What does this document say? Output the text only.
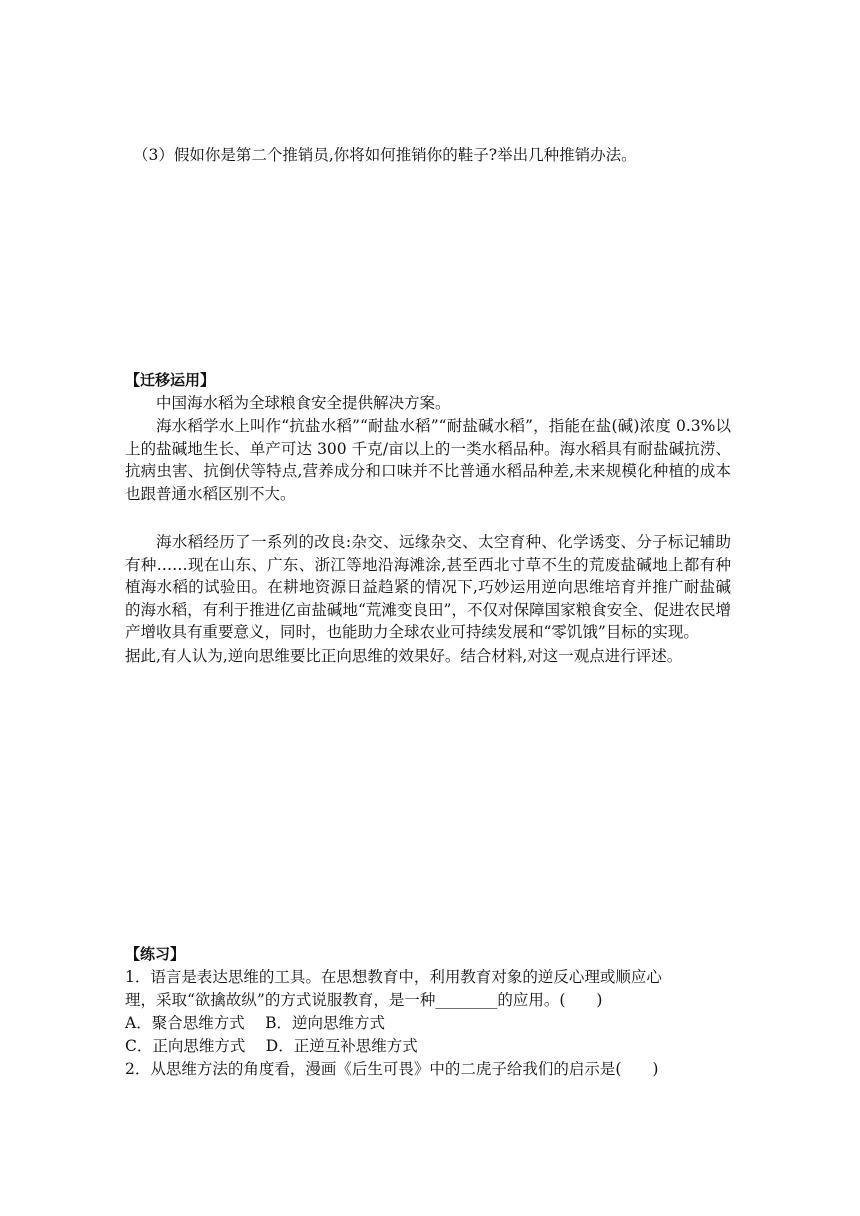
（3）假如你是第二个推销员,你将如何推销你的鞋子?举出几种推销办法。
【迁移运用】
中国海水稻为全球粮食安全提供解决方案。
海水稻学水上叫作“抗盐水稻”“耐盐水稻”“耐盐碱水稻”，指能在盐(碱)浓度 0.3%以上的盐碱地生长、单产可达 300 千克/亩以上的一类水稻品种。海水稻具有耐盐碱抗涝、抗病虫害、抗倒伏等特点,营养成分和口味并不比普通水稻品种差,未来规模化种植的成本也跟普通水稻区别不大。
海水稻经历了一系列的改良:杂交、远缘杂交、太空育种、化学诱变、分子标记辅助有种……现在山东、广东、浙江等地沿海滩涂,甚至西北寸草不生的荒废盐碱地上都有种植海水稻的试验田。在耕地资源日益趋紧的情况下,巧妙运用逆向思维培育并推广耐盐碱的海水稻，有利于推进亿亩盐碱地“荒滩变良田”，不仅对保障国家粮食安全、促进农民增产增收具有重要意义，同时，也能助力全球农业可持续发展和“零饥饿”目标的实现。
据此,有人认为,逆向思维要比正向思维的效果好。结合材料,对这一观点进行评述。
【练习】
1．语言是表达思维的工具。在思想教育中，利用教育对象的逆反心理或顺应心
理，采取“欲擒故纵”的方式说服教育，是一种________的应用。(　　)
A．聚合思维方式　 B．逆向思维方式
C．正向思维方式　 D．正逆互补思维方式
2．从思维方法的角度看，漫画《后生可畏》中的二虎子给我们的启示是(　　)
